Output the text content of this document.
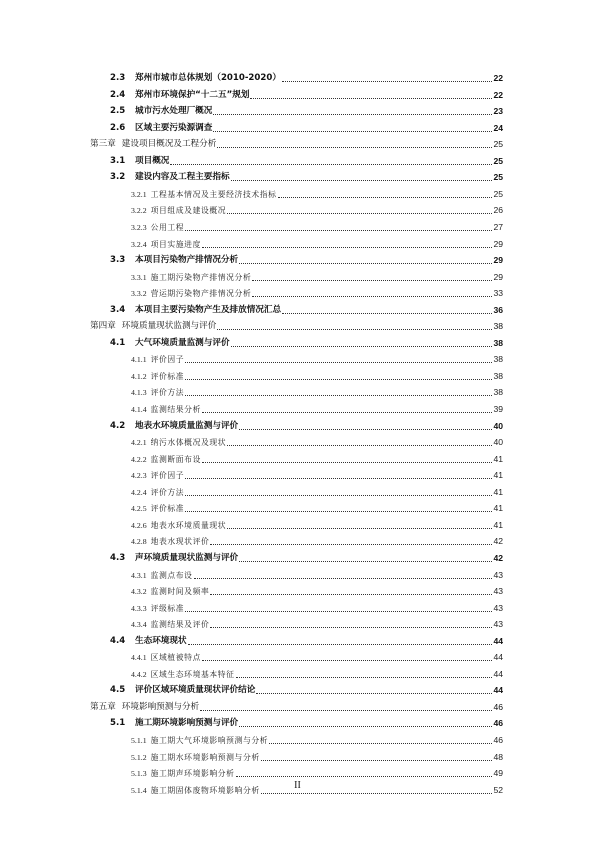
2.3	郑州市城市总体规划（2010-2020）	22
2.4	郑州市环境保护“十二五”规划	22
2.5	城市污水处理厂概况	23
2.6	区域主要污染源调查	24
第三章 建设项目概况及工程分析	25
3.1	项目概况	25
3.2	建设内容及工程主要指标	25
3.2.1 工程基本情况及主要经济技术指标	25
3.2.2 项目组成及建设概况	26
3.2.3 公用工程	27
3.2.4 项目实施进度	29
3.3	本项目污染物产排情况分析	29
3.3.1 施工期污染物产排情况分析	29
3.3.2 营运期污染物产排情况分析	33
3.4	本项目主要污染物产生及排放情况汇总	36
第四章 环境质量现状监测与评价	38
4.1	大气环境质量监测与评价	38
4.1.1 评价因子	38
4.1.2 评价标准	38
4.1.3 评价方法	38
4.1.4 监测结果分析	39
4.2	地表水环境质量监测与评价	40
4.2.1 纳污水体概况及现状	40
4.2.2 监测断面布设	41
4.2.3 评价因子	41
4.2.4 评价方法	41
4.2.5 评价标准	41
4.2.6 地表水环境质量现状	41
4.2.8 地表水现状评价	42
4.3	声环境质量现状监测与评价	42
4.3.1 监测点布设	43
4.3.2 监测时间及频率	43
4.3.3 评级标准	43
4.3.4 监测结果及评价	43
4.4	生态环境现状	44
4.4.1 区域植被特点	44
4.4.2 区域生态环境基本特征	44
4.5	评价区域环境质量现状评价结论	44
第五章 环境影响预测与分析	46
5.1	施工期环境影响预测与评价	46
5.1.1 施工期大气环境影响预测与分析	46
5.1.2 施工期水环境影响预测与分析	48
5.1.3 施工期声环境影响分析	49
5.1.4 施工期固体废物环境影响分析	52
II
